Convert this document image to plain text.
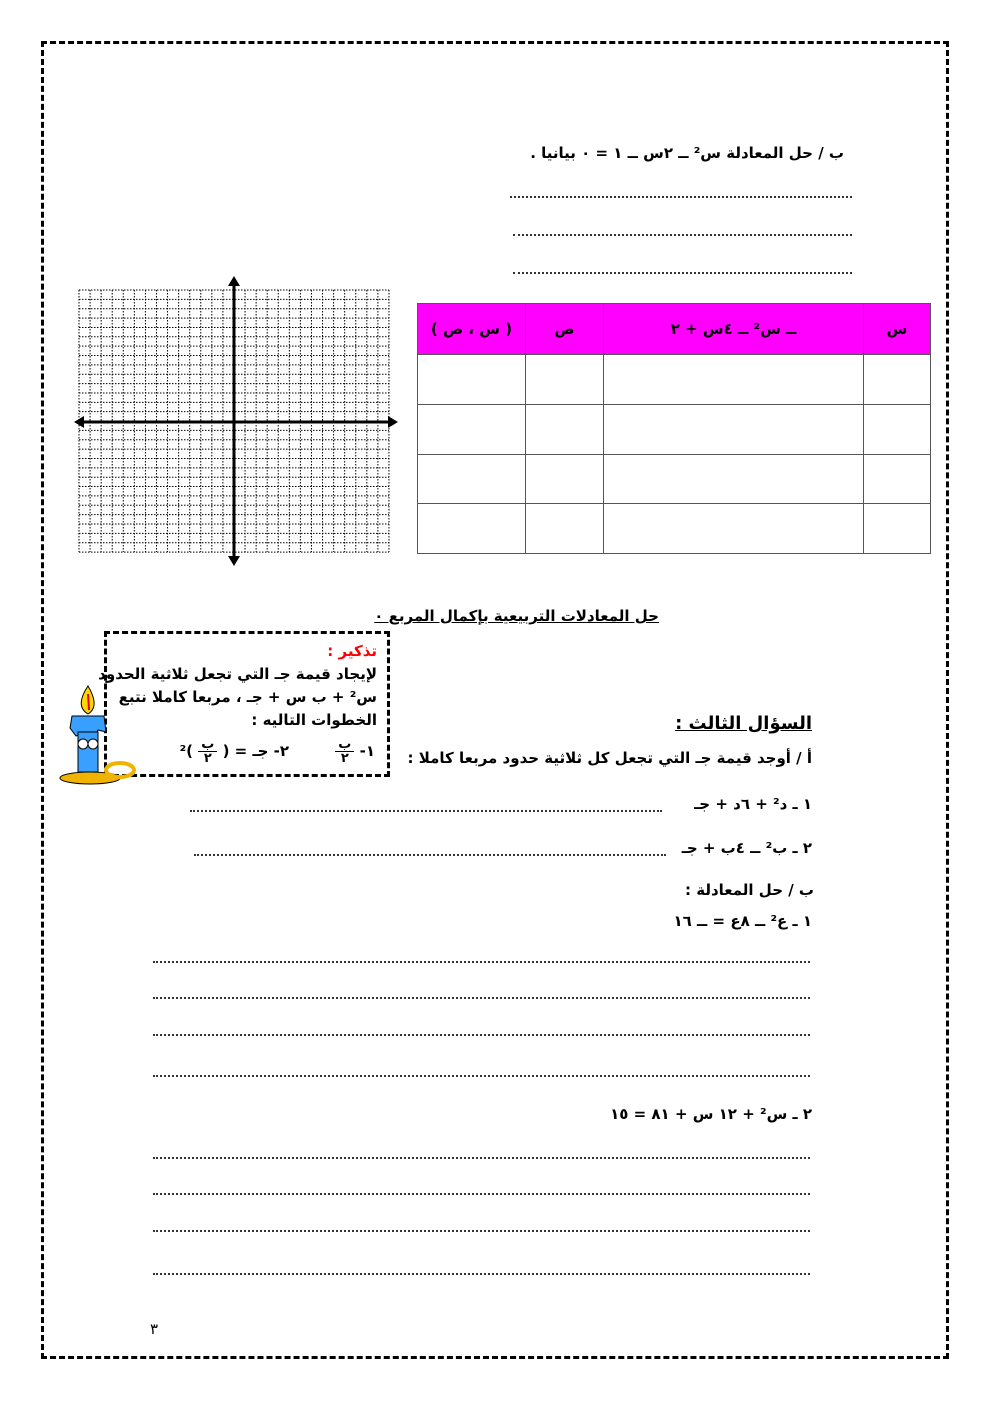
ب / حل المعادلة س² ــ ٢س ــ ١ = ٠ بيانيا .
س	ــ س² ــ ٤س + ٢	ص	( س ، ص )

حل المعادلات التربيعية بإكمال المربع ٠
تذكير :
لإيجاد قيمة جـ التي تجعل ثلاثية الحدود
س² + ب س + جـ ، مربعا كاملا نتبع
الخطوات التاليه :
١-
$\frac{\text{ب}}{٢}$
٢- جـ = (
$\frac{\text{ب}}{٢}$
)²
السؤال الثالث :
أ / أوجد قيمة جـ التي تجعل كل ثلاثية حدود مربعا كاملا :
١ ـ د² + ٦د + جـ
٢ ـ ب² ــ ٤ب + جـ
ب / حل المعادلة :
١ ـ ع² ــ ٨ع = ــ ١٦
٢ ـ س² + ١٢ س + ٨١ = ١٥
٣
